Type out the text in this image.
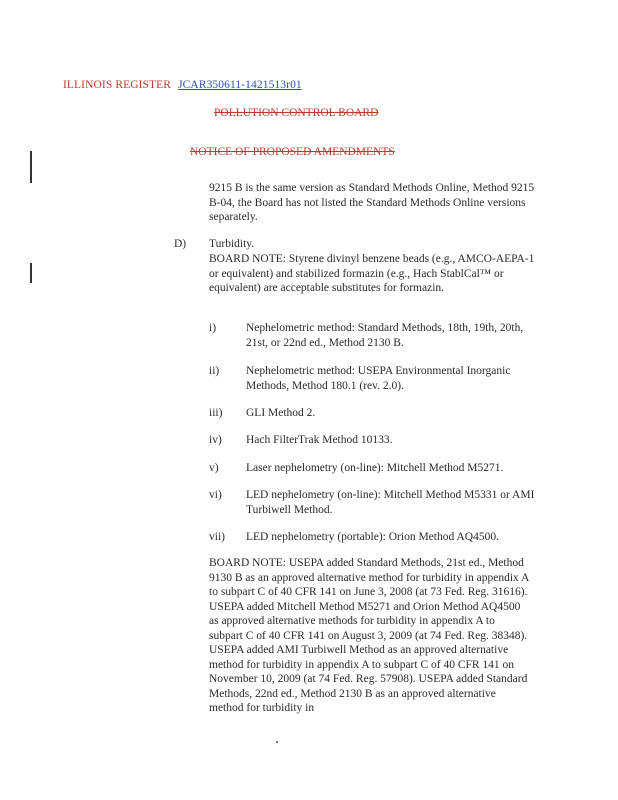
ILLINOIS REGISTER JCAR350611-1421513r01
POLLUTION CONTROL BOARD
NOTICE OF PROPOSED AMENDMENTS
9215 B is the same version as Standard Methods Online, Method 9215 B-04, the Board has not listed the Standard Methods Online versions separately.
D) Turbidity.
BOARD NOTE: Styrene divinyl benzene beads (e.g., AMCO-AEPA-1 or equivalent) and stabilized formazin (e.g., Hach StablCal™ or equivalent) are acceptable substitutes for formazin.
i)	Nephelometric method: Standard Methods, 18th, 19th, 20th, 21st, or 22nd ed., Method 2130 B.
ii)	Nephelometric method: USEPA Environmental Inorganic Methods, Method 180.1 (rev. 2.0).
iii)	GLI Method 2.
iv)	Hach FilterTrak Method 10133.
v)	Laser nephelometry (on-line): Mitchell Method M5271.
vi)	LED nephelometry (on-line): Mitchell Method M5331 or AMI Turbiwell Method.
vii)	LED nephelometry (portable): Orion Method AQ4500.
BOARD NOTE: USEPA added Standard Methods, 21st ed., Method 9130 B as an approved alternative method for turbidity in appendix A to subpart C of 40 CFR 141 on June 3, 2008 (at 73 Fed. Reg. 31616). USEPA added Mitchell Method M5271 and Orion Method AQ4500 as approved alternative methods for turbidity in appendix A to subpart C of 40 CFR 141 on August 3, 2009 (at 74 Fed. Reg. 38348). USEPA added AMI Turbiwell Method as an approved alternative method for turbidity in appendix A to subpart C of 40 CFR 141 on November 10, 2009 (at 74 Fed. Reg. 57908). USEPA added Standard Methods, 22nd ed., Method 2130 B as an approved alternative method for turbidity in
